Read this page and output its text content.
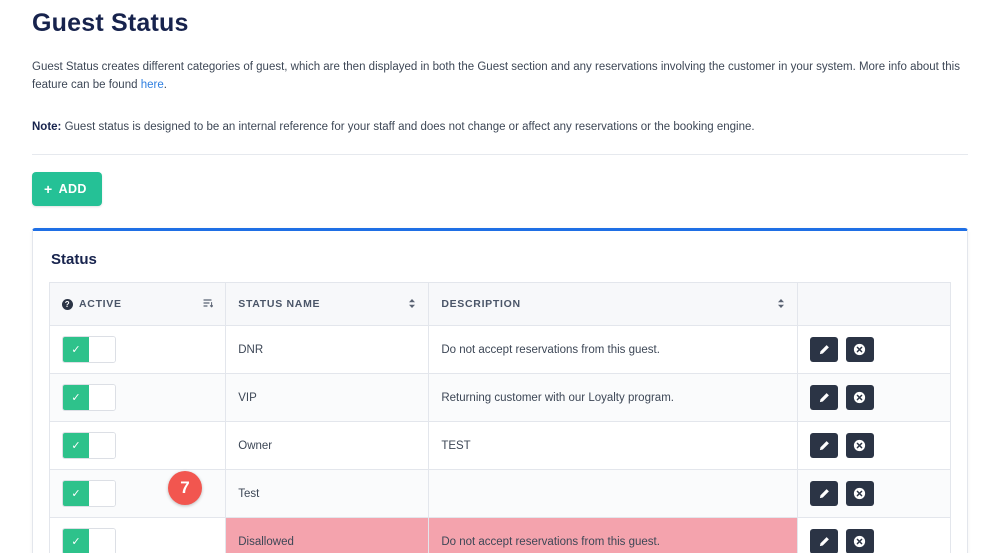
Guest Status

Guest Status creates different categories of guest, which are then displayed in both the Guest section and any reservations involving the customer in your system. More info about this feature can be found here.

Note: Guest status is designed to be an internal reference for your staff and does not change or affect any reservations or the booking engine.

+ ADD
Status
? ACTIVE	STATUS NAME	DESCRIPTION	

✓	DNR	Do not accept reservations from this guest.	

✓	VIP	Returning customer with our Loyalty program.	

✓	Owner	TEST	

✓	Test		

✓	Disallowed	Do not accept reservations from this guest.	
7
